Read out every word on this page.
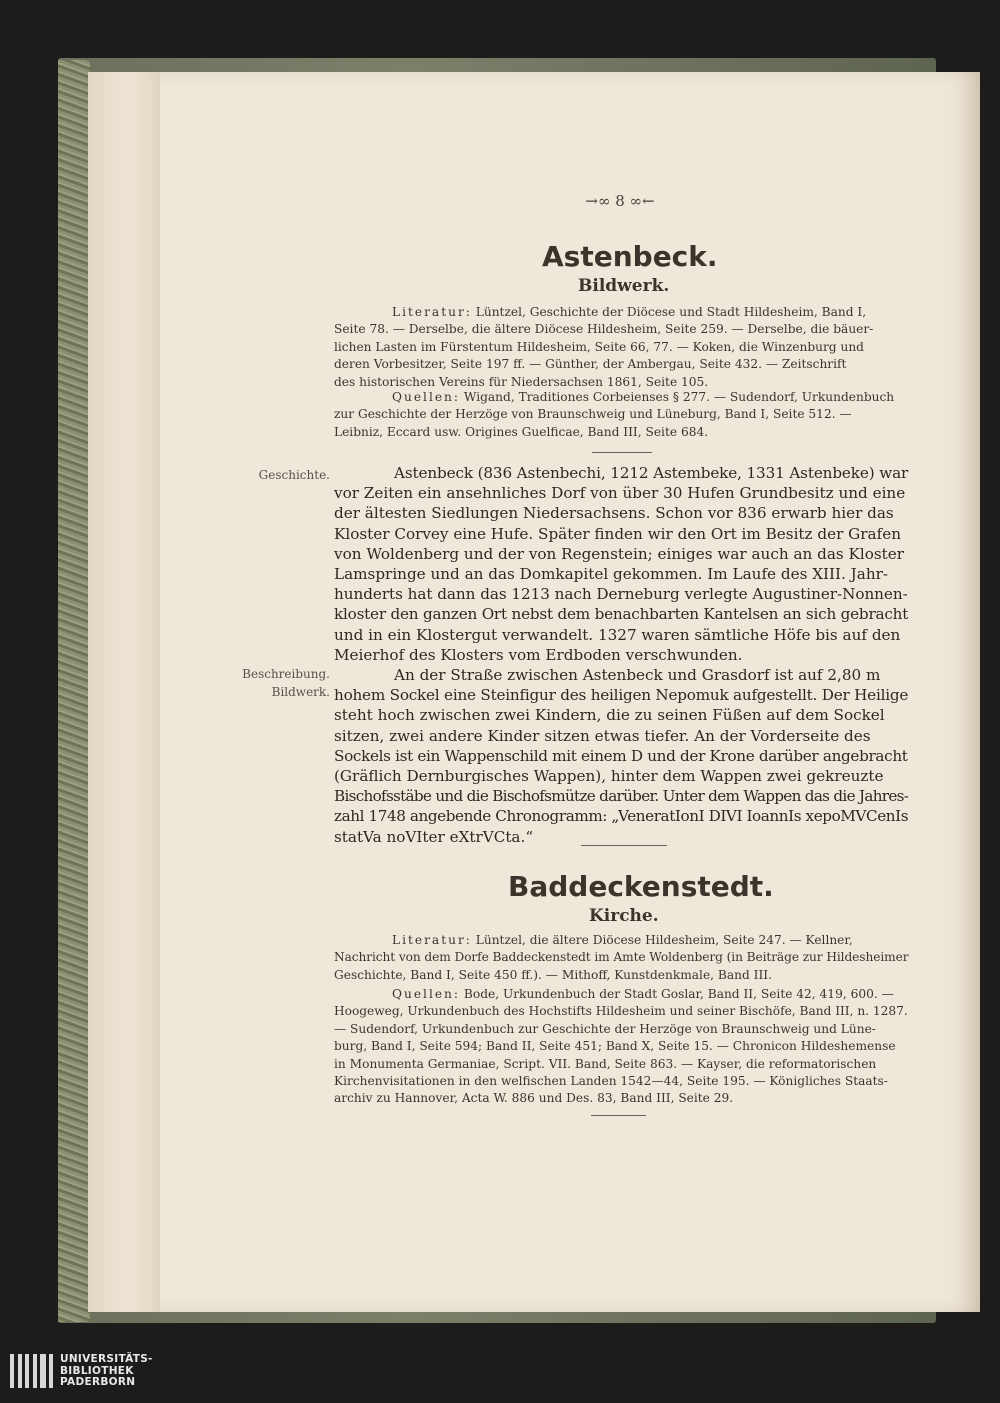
→∞ 8 ∞←
Astenbeck.
Bildwerk.
Literatur: Lüntzel, Geschichte der Diöcese und Stadt Hildesheim, Band I,
Seite 78. — Derselbe, die ältere Diöcese Hildesheim, Seite 259. — Derselbe, die bäuer-
lichen Lasten im Fürstentum Hildesheim, Seite 66, 77. — Koken, die Winzenburg und
deren Vorbesitzer, Seite 197 ff. — Günther, der Ambergau, Seite 432. — Zeitschrift
des historischen Vereins für Niedersachsen 1861, Seite 105.
Quellen: Wigand, Traditiones Corbeienses § 277. — Sudendorf, Urkundenbuch
zur Geschichte der Herzöge von Braunschweig und Lüneburg, Band I, Seite 512. —
Leibniz, Eccard usw. Origines Guelficae, Band III, Seite 684.
Geschichte.
Beschreibung.
Bildwerk.
Astenbeck (836 Astenbechi, 1212 Astembeke, 1331 Astenbeke) war
vor Zeiten ein ansehnliches Dorf von über 30 Hufen Grundbesitz und eine
der ältesten Siedlungen Niedersachsens. Schon vor 836 erwarb hier das
Kloster Corvey eine Hufe. Später finden wir den Ort im Besitz der Grafen
von Woldenberg und der von Regenstein; einiges war auch an das Kloster
Lamspringe und an das Domkapitel gekommen. Im Laufe des XIII. Jahr-
hunderts hat dann das 1213 nach Derneburg verlegte Augustiner-Nonnen-
kloster den ganzen Ort nebst dem benachbarten Kantelsen an sich gebracht
und in ein Klostergut verwandelt. 1327 waren sämtliche Höfe bis auf den
Meierhof des Klosters vom Erdboden verschwunden.
An der Straße zwischen Astenbeck und Grasdorf ist auf 2,80 m
hohem Sockel eine Steinfigur des heiligen Nepomuk aufgestellt. Der Heilige
steht hoch zwischen zwei Kindern, die zu seinen Füßen auf dem Sockel
sitzen, zwei andere Kinder sitzen etwas tiefer. An der Vorderseite des
Sockels ist ein Wappenschild mit einem D und der Krone darüber angebracht
(Gräflich Dernburgisches Wappen), hinter dem Wappen zwei gekreuzte
Bischofsstäbe und die Bischofsmütze darüber. Unter dem Wappen das die Jahres-
zahl 1748 angebende Chronogramm: „VeneratIonI DIVI IoannIs xepoMVCenIs
statVa noVIter eXtrVCta.“
Baddeckenstedt.
Kirche.
Literatur: Lüntzel, die ältere Diöcese Hildesheim, Seite 247. — Kellner,
Nachricht von dem Dorfe Baddeckenstedt im Amte Woldenberg (in Beiträge zur Hildesheimer
Geschichte, Band I, Seite 450 ff.). — Mithoff, Kunstdenkmale, Band III.
Quellen: Bode, Urkundenbuch der Stadt Goslar, Band II, Seite 42, 419, 600. —
Hoogeweg, Urkundenbuch des Hochstifts Hildesheim und seiner Bischöfe, Band III, n. 1287.
— Sudendorf, Urkundenbuch zur Geschichte der Herzöge von Braunschweig und Lüne-
burg, Band I, Seite 594; Band II, Seite 451; Band X, Seite 15. — Chronicon Hildeshemense
in Monumenta Germaniae, Script. VII. Band, Seite 863. — Kayser, die reformatorischen
Kirchenvisitationen in den welfischen Landen 1542—44, Seite 195. — Königliches Staats-
archiv zu Hannover, Acta W. 886 und Des. 83, Band III, Seite 29.
UNIVERSITÄTS-
BIBLIOTHEK
PADERBORN
